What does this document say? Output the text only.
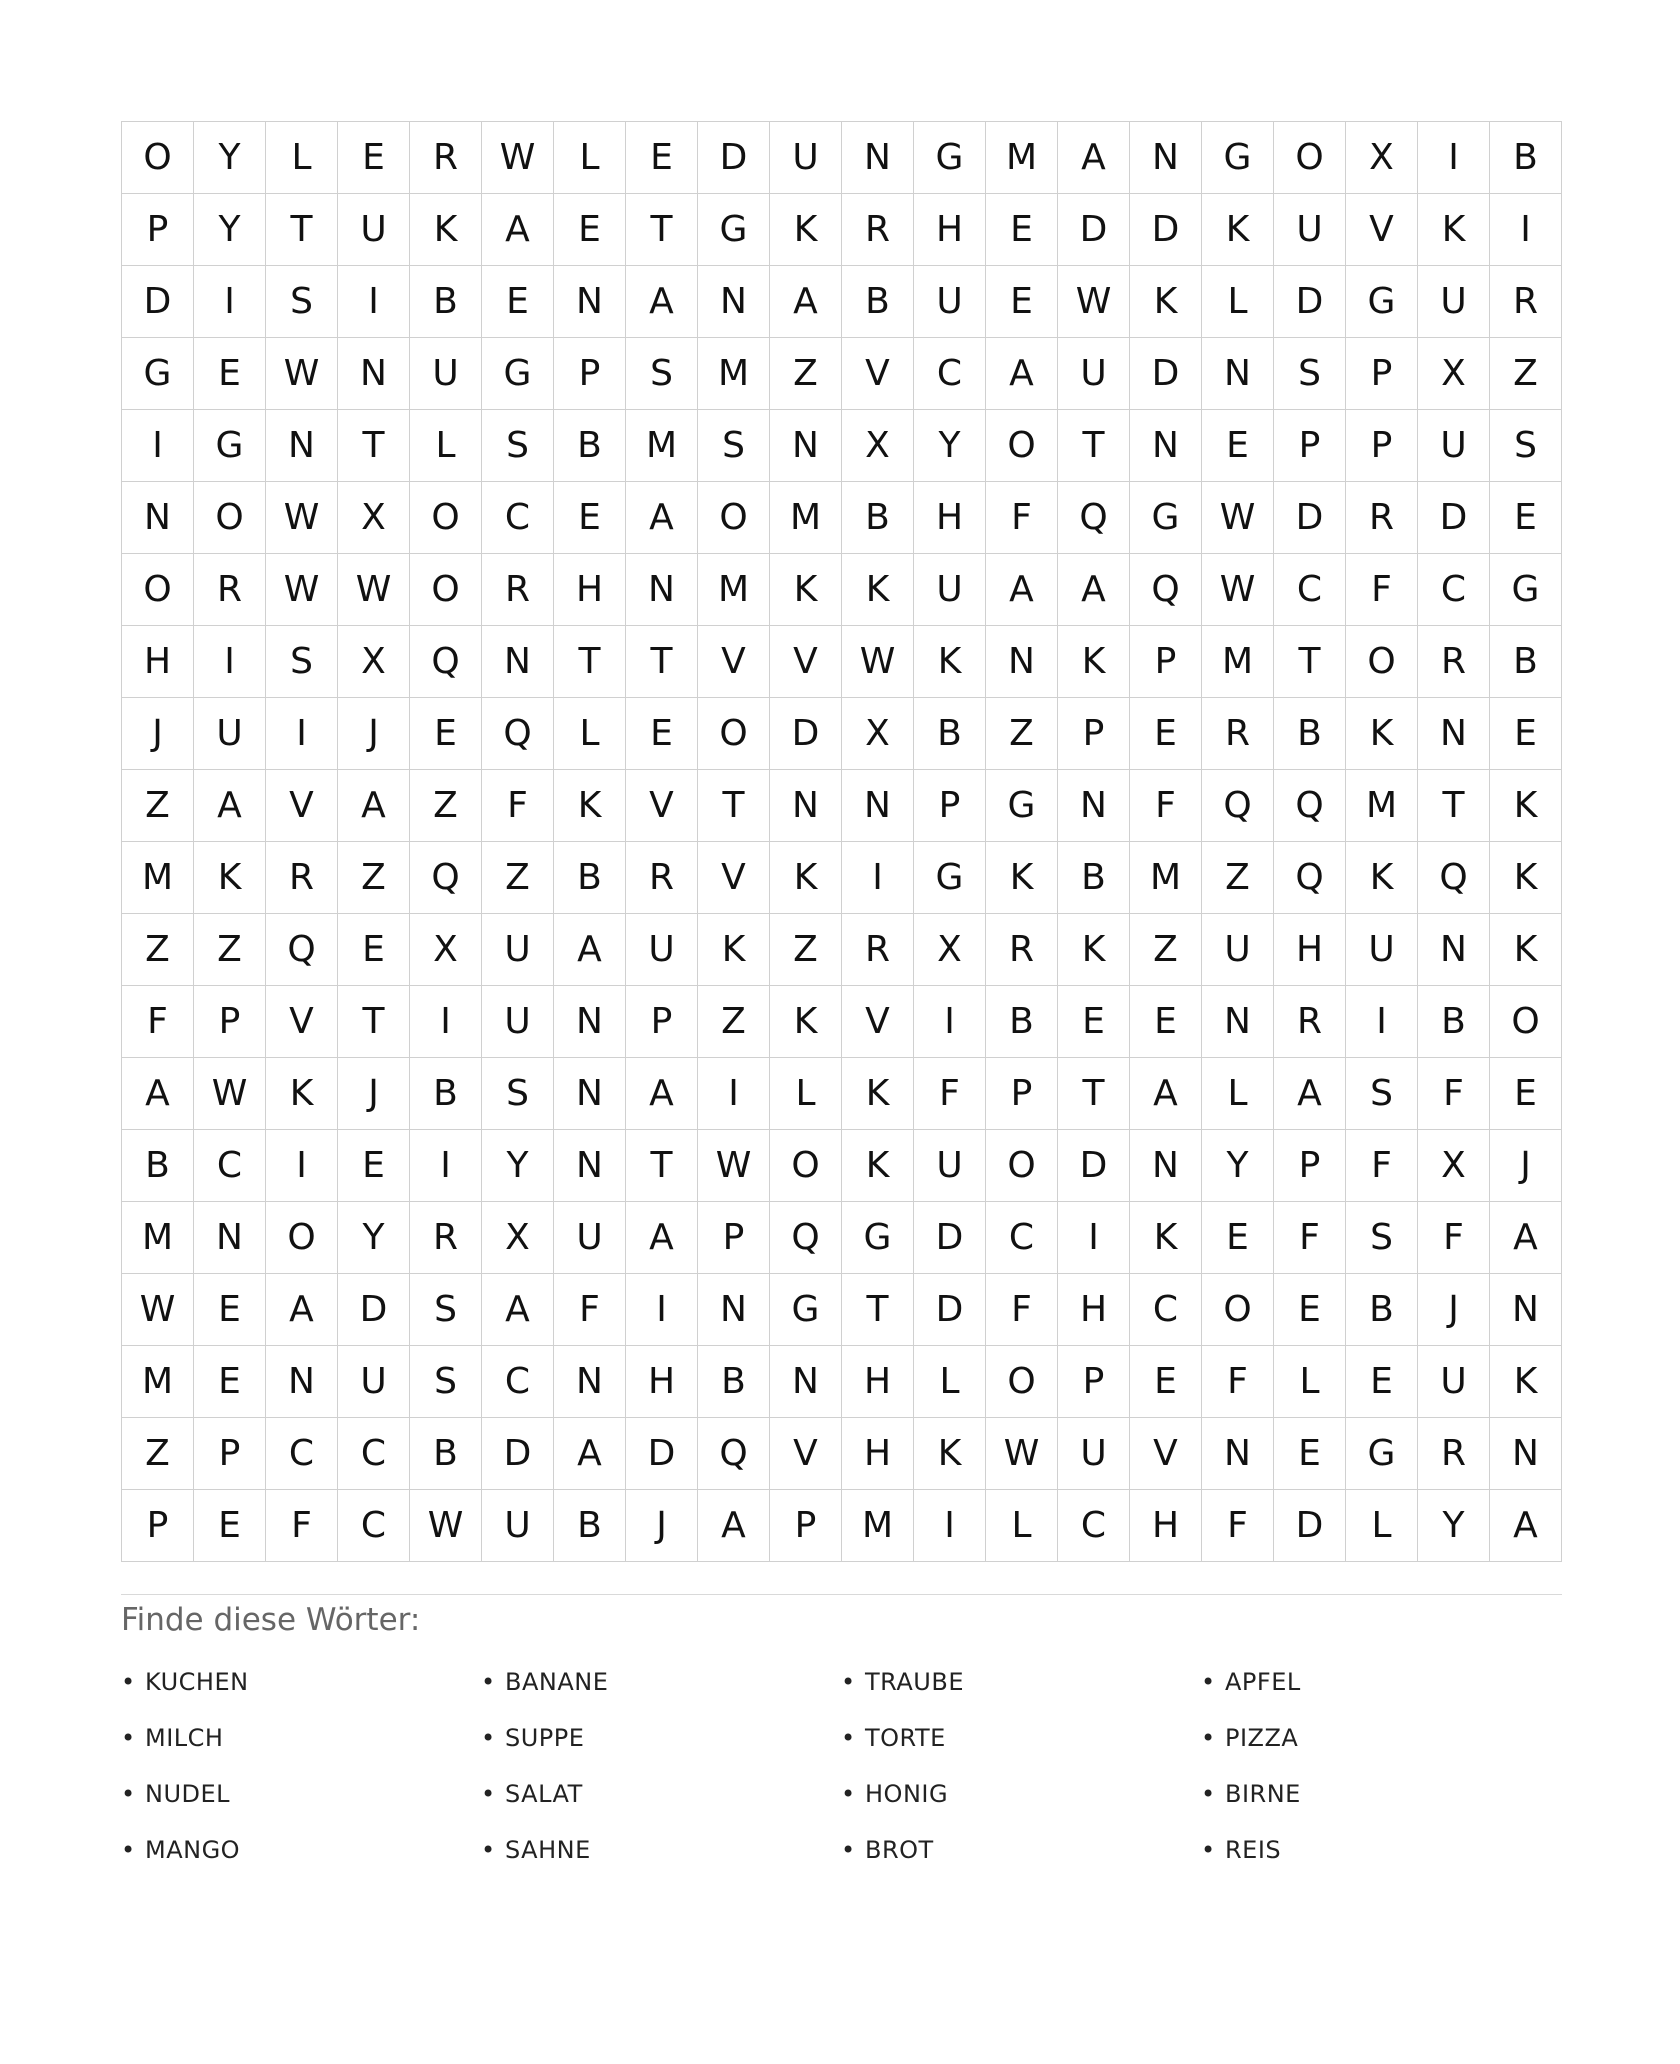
O	Y	L	E	R	W	L	E	D	U	N	G	M	A	N	G	O	X	I	B
P	Y	T	U	K	A	E	T	G	K	R	H	E	D	D	K	U	V	K	I
D	I	S	I	B	E	N	A	N	A	B	U	E	W	K	L	D	G	U	R
G	E	W	N	U	G	P	S	M	Z	V	C	A	U	D	N	S	P	X	Z
I	G	N	T	L	S	B	M	S	N	X	Y	O	T	N	E	P	P	U	S
N	O	W	X	O	C	E	A	O	M	B	H	F	Q	G	W	D	R	D	E
O	R	W	W	O	R	H	N	M	K	K	U	A	A	Q	W	C	F	C	G
H	I	S	X	Q	N	T	T	V	V	W	K	N	K	P	M	T	O	R	B
J	U	I	J	E	Q	L	E	O	D	X	B	Z	P	E	R	B	K	N	E
Z	A	V	A	Z	F	K	V	T	N	N	P	G	N	F	Q	Q	M	T	K
M	K	R	Z	Q	Z	B	R	V	K	I	G	K	B	M	Z	Q	K	Q	K
Z	Z	Q	E	X	U	A	U	K	Z	R	X	R	K	Z	U	H	U	N	K
F	P	V	T	I	U	N	P	Z	K	V	I	B	E	E	N	R	I	B	O
A	W	K	J	B	S	N	A	I	L	K	F	P	T	A	L	A	S	F	E
B	C	I	E	I	Y	N	T	W	O	K	U	O	D	N	Y	P	F	X	J
M	N	O	Y	R	X	U	A	P	Q	G	D	C	I	K	E	F	S	F	A
W	E	A	D	S	A	F	I	N	G	T	D	F	H	C	O	E	B	J	N
M	E	N	U	S	C	N	H	B	N	H	L	O	P	E	F	L	E	U	K
Z	P	C	C	B	D	A	D	Q	V	H	K	W	U	V	N	E	G	R	N
P	E	F	C	W	U	B	J	A	P	M	I	L	C	H	F	D	L	Y	A
Finde diese Wörter:
• KUCHEN	• BANANE	• TRAUBE	• APFEL
• MILCH	• SUPPE	• TORTE	• PIZZA
• NUDEL	• SALAT	• HONIG	• BIRNE
• MANGO	• SAHNE	• BROT	• REIS
